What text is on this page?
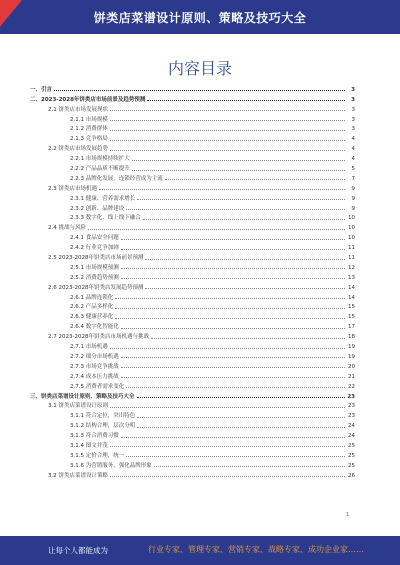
饼类店菜谱设计原则、策略及技巧大全
内容目录
一、引言	3
二、2023-2028年饼类店市场前景及趋势预测	3
2.1 饼类店市场发展现状	3
2.1.1 市场规模	3
2.1.2 消费群体	3
2.1.3 竞争格局	4
2.2 饼类店市场发展趋势	4
2.2.1 市场规模持续扩大	4
2.2.2 产品品质不断提升	5
2.2.3 品牌化发展，连锁经营成为主流	7
2.3 饼类店市场机遇	9
2.3.1 健康、营养需求增长	9
2.3.2 创新、品牌建设	9
2.3.3 数字化、线上线下融合	10
2.4 挑战与风险	10
2.4.1 食品安全问题	10
2.4.2 行业竞争加剧	11
2.5 2023-2028年饼类店市场前景预测	11
2.5.1 市场规模预测	12
2.5.2 消费趋势预测	13
2.6 2023-2028年饼类店发展趋势预测	14
2.6.1 品牌连锁化	14
2.6.2 产品多样化	15
2.6.3 健康营养化	15
2.6.4 数字化智能化	17
2.7 2023-2028年饼类店市场机遇与挑战	18
2.7.1 市场机遇	19
2.7.2 细分市场机遇	19
2.7.3 市场竞争挑战	20
2.7.4 成本压力挑战	21
2.7.5 消费者需求变化	22
三、饼类店菜谱设计原则、策略及技巧大全	23
3.1 饼类店菜谱设计原则	23
3.1.1 符合定位，突出特色	23
3.1.2 结构合理，层次分明	24
3.1.3 符合消费习惯	24
3.1.4 图文并茂	25
3.1.5 定价合理，统一	25
3.1.6 为营销服务，强化品牌形象	25
3.2 饼类店菜谱设计策略	26
1
让每个人都能成为	行业专家、管理专家、营销专家、战略专家、成功企业家……
